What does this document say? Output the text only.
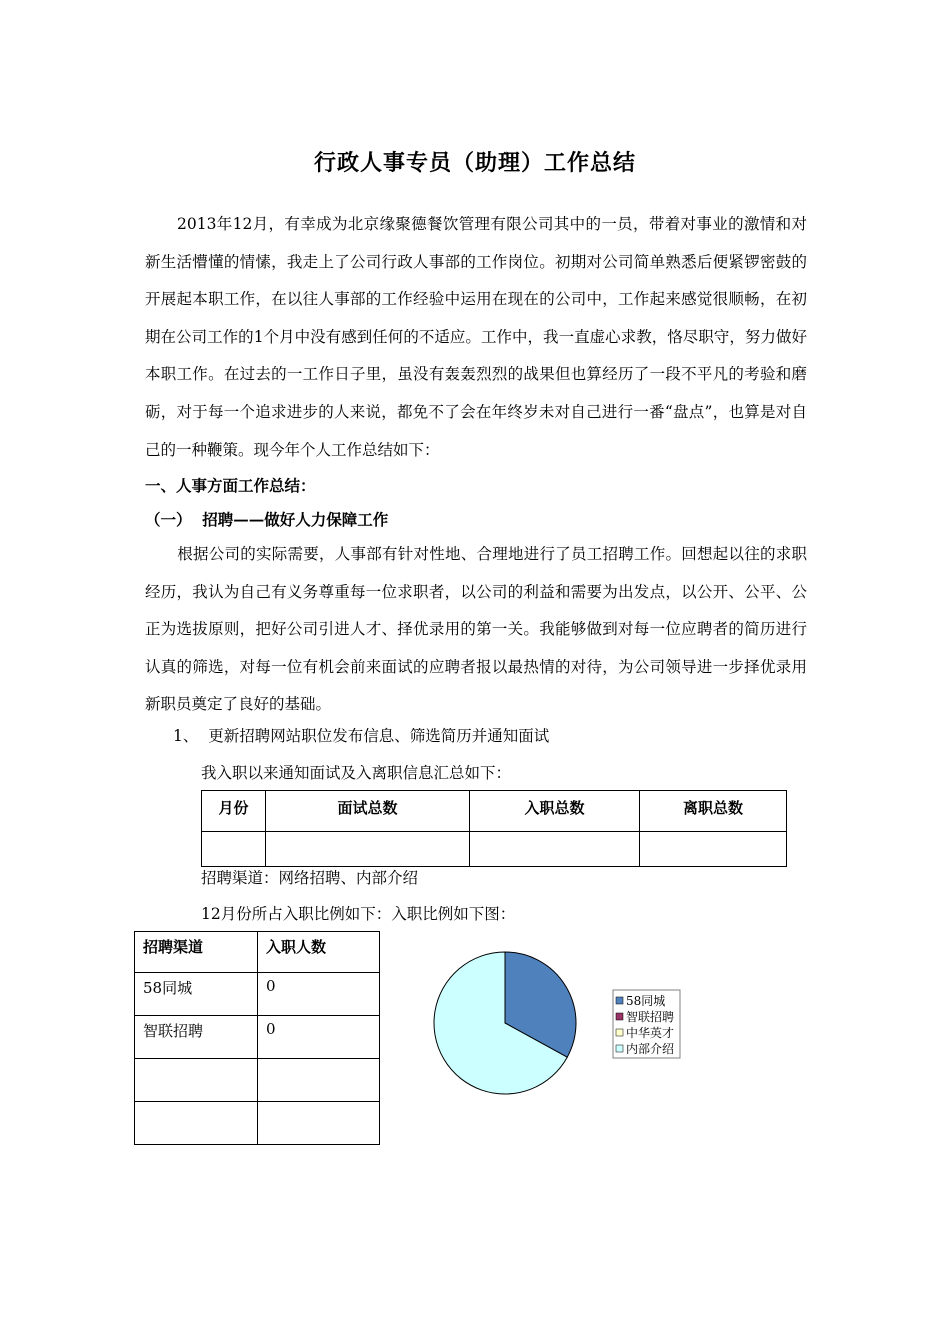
行政人事专员（助理）工作总结
2013年12月，有幸成为北京缘聚德餐饮管理有限公司其中的一员，带着对事业的激情和对新生活懵懂的情愫，我走上了公司行政人事部的工作岗位。初期对公司简单熟悉后便紧锣密鼓的开展起本职工作，在以往人事部的工作经验中运用在现在的公司中，工作起来感觉很顺畅，在初期在公司工作的1个月中没有感到任何的不适应。工作中，我一直虚心求教，恪尽职守，努力做好本职工作。在过去的一工作日子里，虽没有轰轰烈烈的战果但也算经历了一段不平凡的考验和磨砺，对于每一个追求进步的人来说，都免不了会在年终岁未对自己进行一番“盘点”，也算是对自己的一种鞭策。现今年个人工作总结如下：
一、人事方面工作总结：
（一）  招聘——做好人力保障工作
根据公司的实际需要，人事部有针对性地、合理地进行了员工招聘工作。回想起以往的求职经历，我认为自己有义务尊重每一位求职者，以公司的利益和需要为出发点，以公开、公平、公正为选拔原则，把好公司引进人才、择优录用的第一关。我能够做到对每一位应聘者的简历进行认真的筛选，对每一位有机会前来面试的应聘者报以最热情的对待，为公司领导进一步择优录用新职员奠定了良好的基础。
1、  更新招聘网站职位发布信息、筛选简历并通知面试
我入职以来通知面试及入离职信息汇总如下：
月份	面试总数	入职总数	离职总数

招聘渠道：网络招聘、内部介绍
12月份所占入职比例如下：入职比例如下图：
招聘渠道	入职人数
58同城	0
智联招聘	0

58同城
智联招聘
中华英才
内部介绍
